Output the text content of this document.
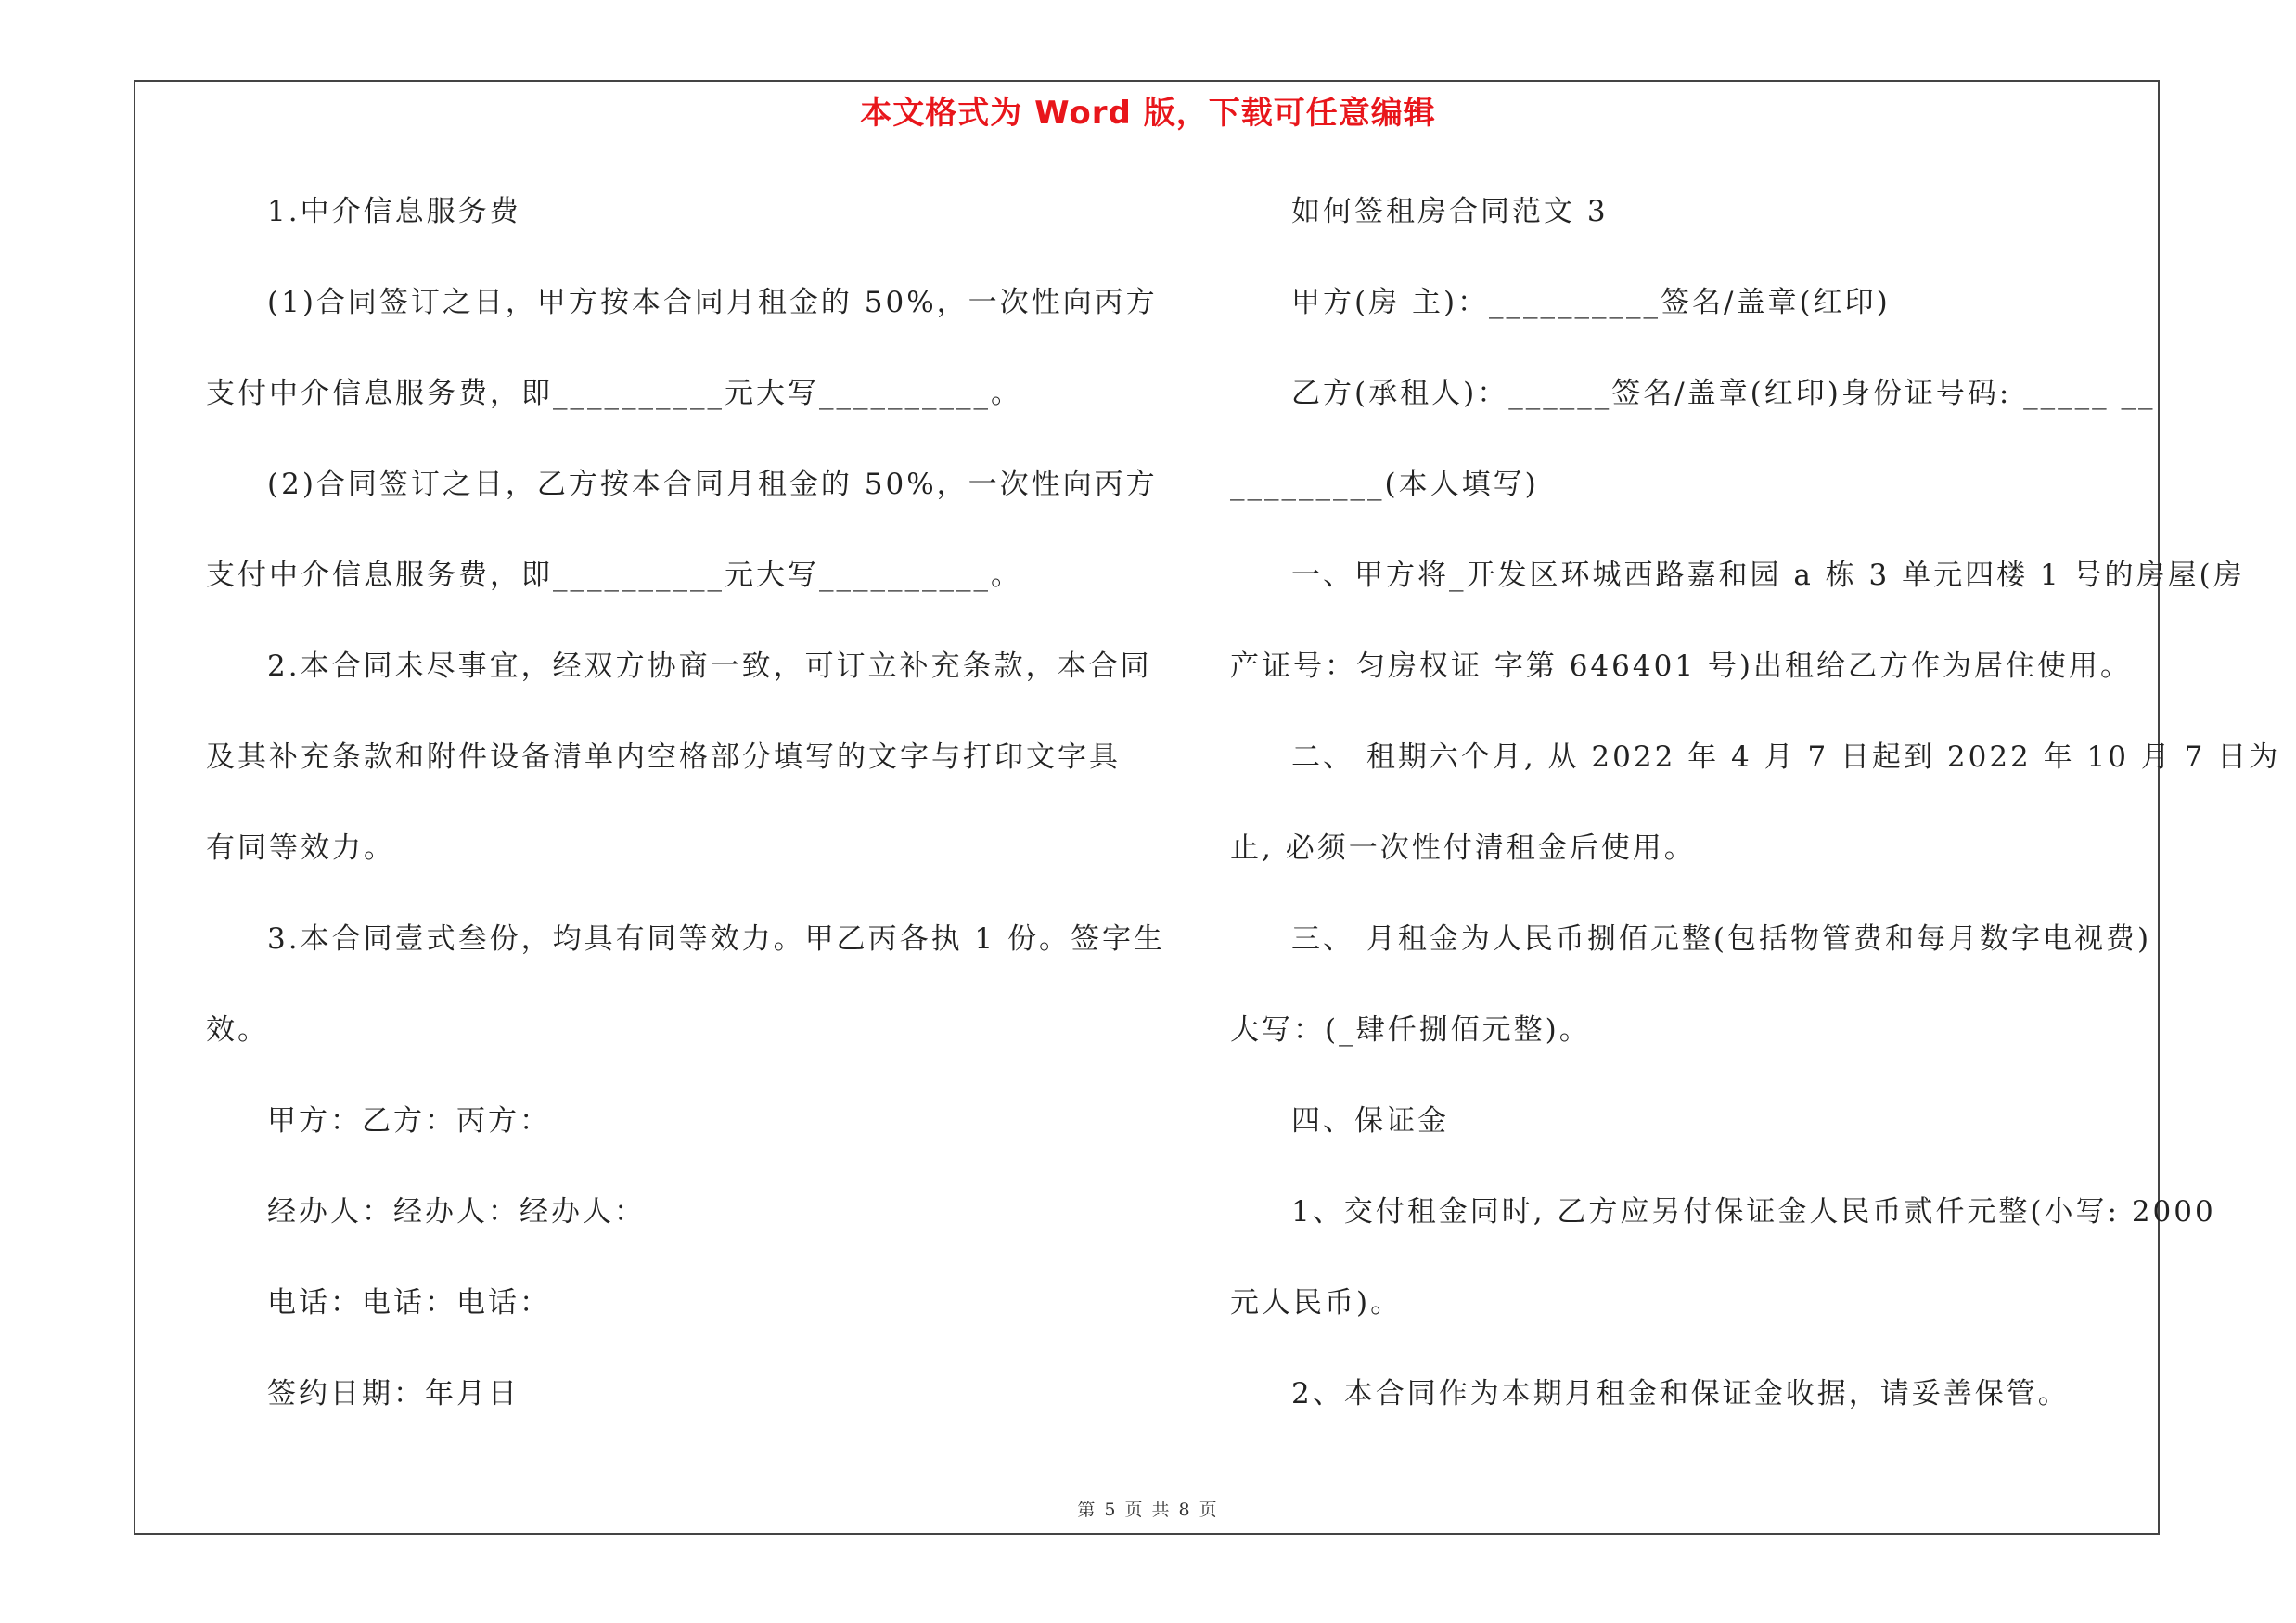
本文格式为 Word 版，下载可任意编辑
1.中介信息服务费
(1)合同签订之日，甲方按本合同月租金的 50%，一次性向丙方
支付中介信息服务费，即__________元大写__________。
(2)合同签订之日，乙方按本合同月租金的 50%，一次性向丙方
支付中介信息服务费，即__________元大写__________。
2.本合同未尽事宜，经双方协商一致，可订立补充条款，本合同
及其补充条款和附件设备清单内空格部分填写的文字与打印文字具
有同等效力。
3.本合同壹式叁份，均具有同等效力。甲乙丙各执 1 份。签字生
效。
甲方：乙方：丙方：
经办人：经办人：经办人：
电话：电话：电话：
签约日期：年月日
如何签租房合同范文 3
甲方(房 主)：__________签名/盖章(红印)
乙方(承租人)：______签名/盖章(红印)身份证号码: _____ __
_________(本人填写)
一、甲方将_开发区环城西路嘉和园 a 栋 3 单元四楼 1 号的房屋(房
产证号：匀房权证 字第 646401 号)出租给乙方作为居住使用。
二、 租期六个月, 从 2022 年 4 月 7 日起到 2022 年 10 月 7 日为
止, 必须一次性付清租金后使用。
三、 月租金为人民币捌佰元整(包括物管费和每月数字电视费)
大写：(_肆仟捌佰元整)。
四、保证金
1、交付租金同时, 乙方应另付保证金人民币贰仟元整(小写: 2000
元人民币)。
2、本合同作为本期月租金和保证金收据，请妥善保管。
第 5 页 共 8 页
